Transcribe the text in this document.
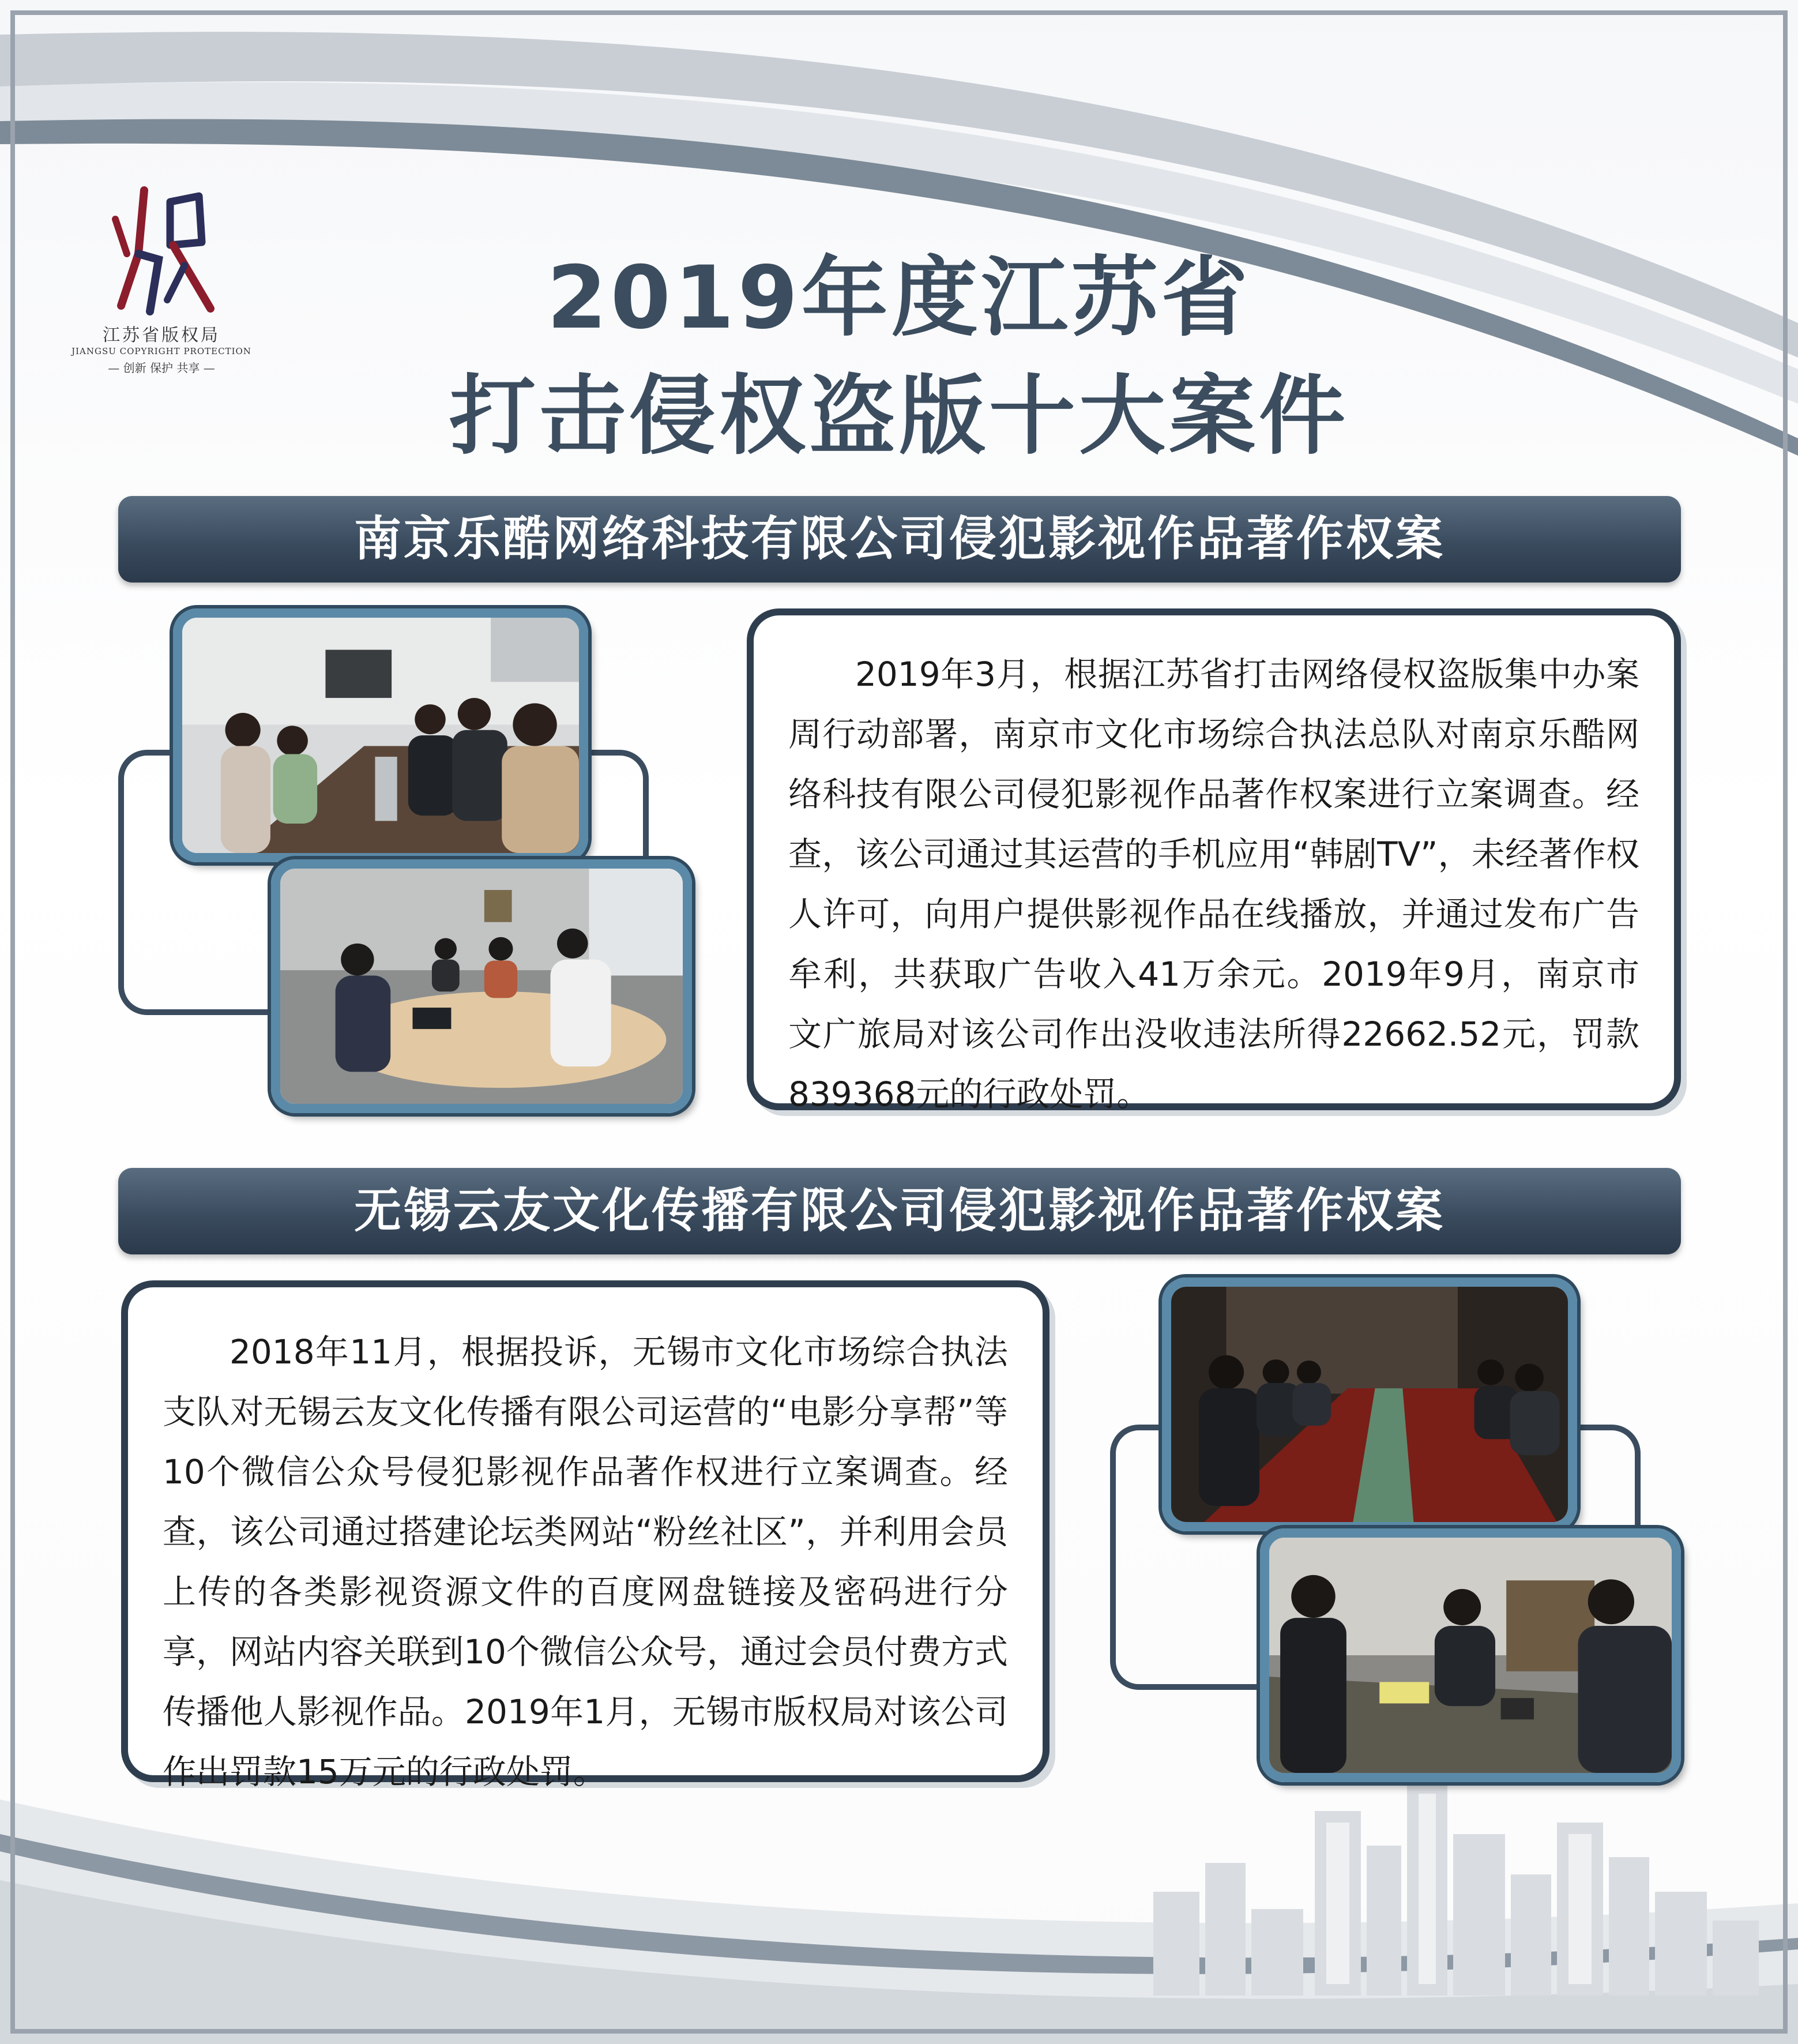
江苏省版权局
JIANGSU COPYRIGHT PROTECTION
— 创新 保护 共享 —
2019年度江苏省
打击侵权盗版十大案件
南京乐酷网络科技有限公司侵犯影视作品著作权案

2019年3月，根据江苏省打击网络侵权盗版集中办案周行动部署，南京市文化市场综合执法总队对南京乐酷网络科技有限公司侵犯影视作品著作权案进行立案调查。经查，该公司通过其运营的手机应用“韩剧TV”，未经著作权人许可，向用户提供影视作品在线播放，并通过发布广告牟利，共获取广告收入41万余元。2019年9月，南京市文广旅局对该公司作出没收违法所得22662.52元，罚款839368元的行政处罚。

无锡云友文化传播有限公司侵犯影视作品著作权案

2018年11月，根据投诉，无锡市文化市场综合执法支队对无锡云友文化传播有限公司运营的“电影分享帮”等10个微信公众号侵犯影视作品著作权进行立案调查。经查，该公司通过搭建论坛类网站“粉丝社区”，并利用会员上传的各类影视资源文件的百度网盘链接及密码进行分享，网站内容关联到10个微信公众号，通过会员付费方式传播他人影视作品。2019年1月，无锡市版权局对该公司作出罚款15万元的行政处罚。
